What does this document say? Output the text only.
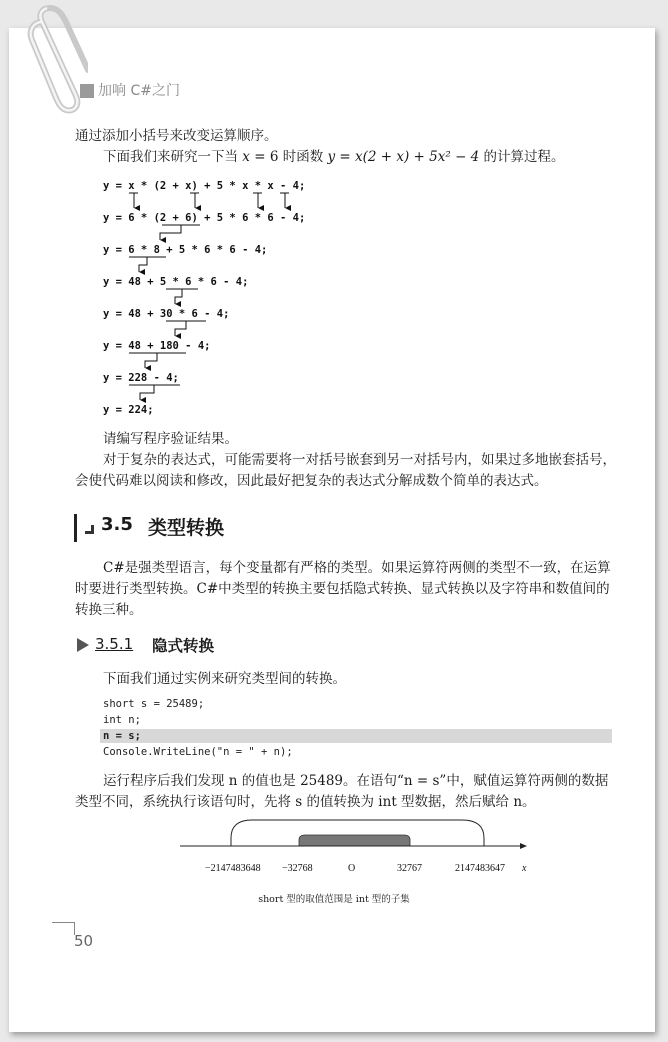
加响 C#之门

通过添加小括号来改变运算顺序。

下面我们来研究一下当 x = 6 时函数 y = x(2 + x) + 5x² − 4 的计算过程。

y = x * (2 + x) + 5 * x * x - 4;
y = 6 * (2 + 6) + 5 * 6 * 6 - 4;
y = 6 * 8 + 5 * 6 * 6 - 4;
y = 48 + 5 * 6 * 6 - 4;
y = 48 + 30 * 6 - 4;
y = 48 + 180 - 4;
y = 228 - 4;
y = 224;

请编写程序验证结果。

对于复杂的表达式，可能需要将一对括号嵌套到另一对括号内，如果过多地嵌套括号，

会使代码难以阅读和修改，因此最好把复杂的表达式分解成数个简单的表达式。

3.5 类型转换

C#是强类型语言，每个变量都有严格的类型。如果运算符两侧的类型不一致，在运算

时要进行类型转换。C#中类型的转换主要包括隐式转换、显式转换以及字符串和数值间的

转换三种。

3.5.1 隐式转换

下面我们通过实例来研究类型间的转换。

short s = 25489;
int n;
n = s;
Console.WriteLine("n = " + n);

运行程序后我们发现 n 的值也是 25489。在语句“n = s”中，赋值运算符两侧的数据

类型不同，系统执行该语句时，先将 s 的值转换为 int 型数据，然后赋给 n。

−2147483648 −32768	O	32767	2147483647 x
short 型的取值范围是 int 型的子集
50
